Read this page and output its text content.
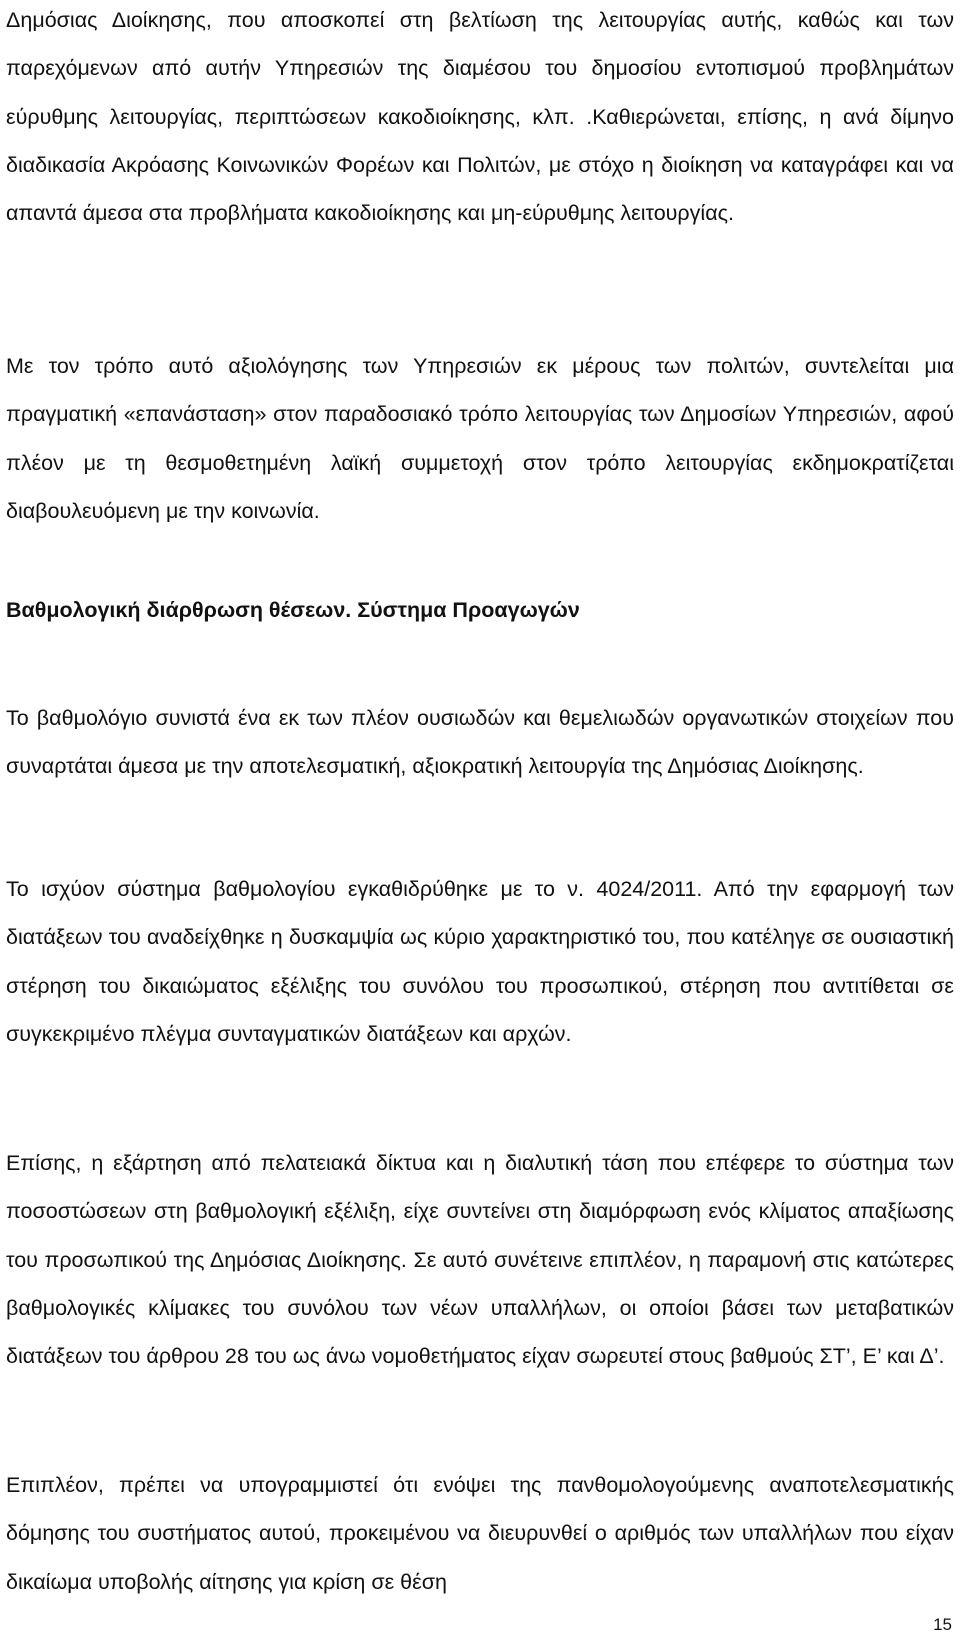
Δημόσιας Διοίκησης, που αποσκοπεί στη βελτίωση της λειτουργίας αυτής, καθώς και των παρεχόμενων από αυτήν Υπηρεσιών της διαμέσου του δημοσίου εντοπισμού προβλημάτων εύρυθμης λειτουργίας, περιπτώσεων κακοδιοίκησης, κλπ. .Καθιερώνεται, επίσης, η ανά δίμηνο διαδικασία Ακρόασης Κοινωνικών Φορέων και Πολιτών, με στόχο η διοίκηση να καταγράφει και να απαντά άμεσα στα προβλήματα κακοδιοίκησης και μη-εύρυθμης λειτουργίας.

Με τον τρόπο αυτό αξιολόγησης των Υπηρεσιών εκ μέρους των πολιτών, συντελείται μια πραγματική «επανάσταση» στον παραδοσιακό τρόπο λειτουργίας των Δημοσίων Υπηρεσιών, αφού πλέον με τη θεσμοθετημένη λαϊκή συμμετοχή στον τρόπο λειτουργίας εκδημοκρατίζεται διαβουλευόμενη με την κοινωνία.

Βαθμολογική διάρθρωση θέσεων. Σύστημα Προαγωγών

Το βαθμολόγιο συνιστά ένα εκ των πλέον ουσιωδών και θεμελιωδών οργανωτικών στοιχείων που συναρτάται άμεσα με την αποτελεσματική, αξιοκρατική λειτουργία της Δημόσιας Διοίκησης.

Το ισχύον σύστημα βαθμολογίου εγκαθιδρύθηκε με το ν. 4024/2011. Από την εφαρμογή των διατάξεων του αναδείχθηκε η δυσκαμψία ως κύριο χαρακτηριστικό του, που κατέληγε σε ουσιαστική στέρηση του δικαιώματος εξέλιξης του συνόλου του προσωπικού, στέρηση που αντιτίθεται σε συγκεκριμένο πλέγμα συνταγματικών διατάξεων και αρχών.

Επίσης, η εξάρτηση από πελατειακά δίκτυα και η διαλυτική τάση που επέφερε το σύστημα των ποσοστώσεων στη βαθμολογική εξέλιξη, είχε συντείνει στη διαμόρφωση ενός κλίματος απαξίωσης του προσωπικού της Δημόσιας Διοίκησης. Σε αυτό συνέτεινε επιπλέον, η παραμονή στις κατώτερες βαθμολογικές κλίμακες του συνόλου των νέων υπαλλήλων, οι οποίοι βάσει των μεταβατικών διατάξεων του άρθρου 28 του ως άνω νομοθετήματος είχαν σωρευτεί στους βαθμούς ΣΤ’, Ε’ και Δ’.

Επιπλέον, πρέπει να υπογραμμιστεί ότι ενόψει της πανθομολογούμενης αναποτελεσματικής δόμησης του συστήματος αυτού, προκειμένου να διευρυνθεί ο αριθμός των υπαλλήλων που είχαν δικαίωμα υποβολής αίτησης για κρίση σε θέση

15
